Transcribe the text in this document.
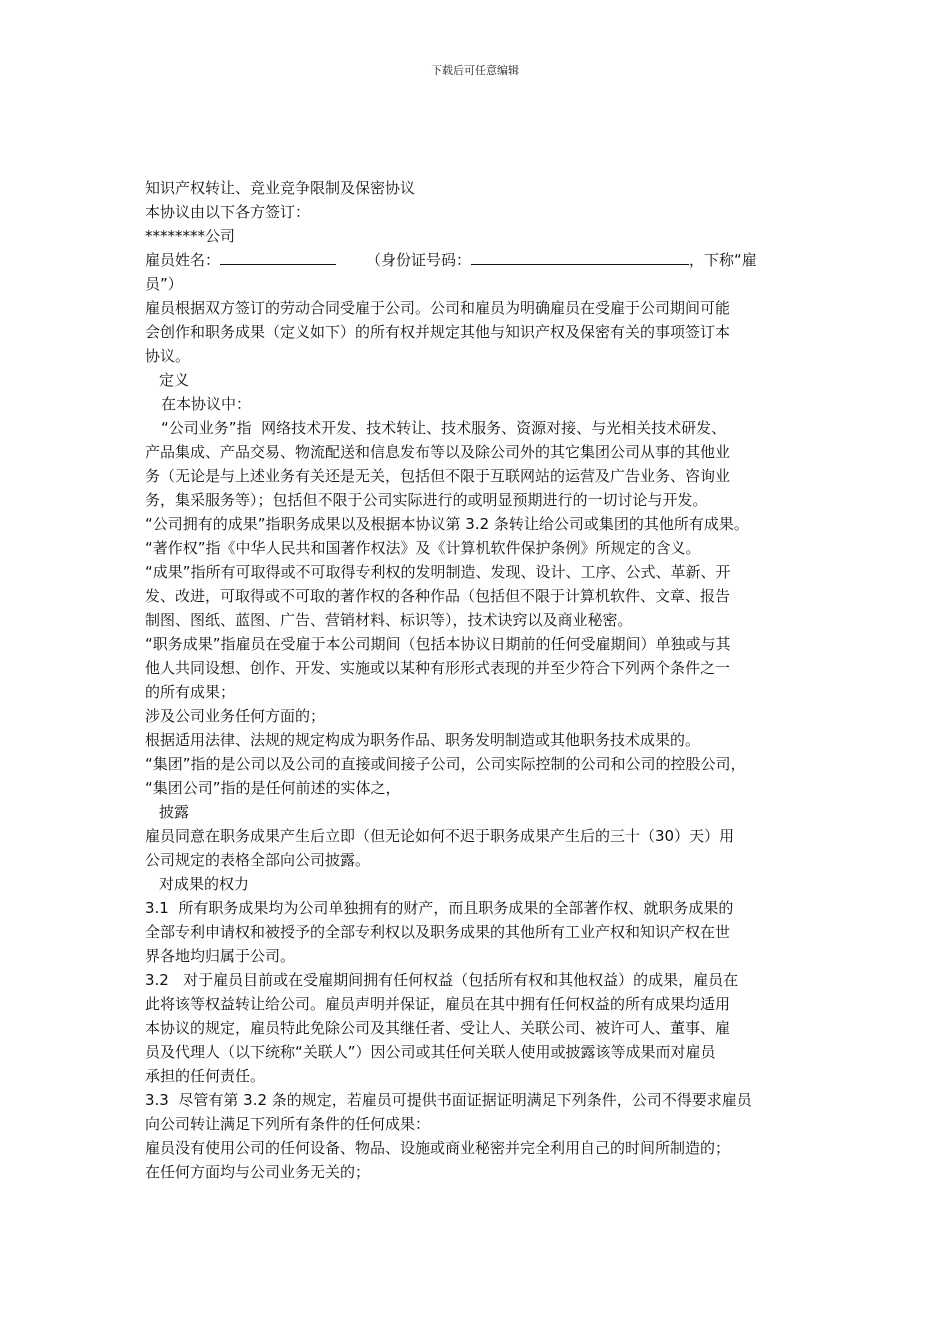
下载后可任意编辑
知识产权转让、竞业竞争限制及保密协议
本协议由以下各方签订：
********公司
雇员姓名：	（身份证号码：	，下称“雇
员”）
雇员根据双方签订的劳动合同受雇于公司。公司和雇员为明确雇员在受雇于公司期间可能
会创作和职务成果（定义如下）的所有权并规定其他与知识产权及保密有关的事项签订本
协议。
定义
在本协议中：
“公司业务”指  网络技术开发、技术转让、技术服务、资源对接、与光相关技术研发、
产品集成、产品交易、物流配送和信息发布等以及除公司外的其它集团公司从事的其他业
务（无论是与上述业务有关还是无关，包括但不限于互联网站的运营及广告业务、咨询业
务，集采服务等）；包括但不限于公司实际进行的或明显预期进行的一切讨论与开发。
“公司拥有的成果”指职务成果以及根据本协议第 3.2 条转让给公司或集团的其他所有成果。
“著作权”指《中华人民共和国著作权法》及《计算机软件保护条例》所规定的含义。
“成果”指所有可取得或不可取得专利权的发明制造、发现、设计、工序、公式、革新、开
发、改进，可取得或不可取的著作权的各种作品（包括但不限于计算机软件、文章、报告
制图、图纸、蓝图、广告、营销材料、标识等），技术诀窍以及商业秘密。
“职务成果”指雇员在受雇于本公司期间（包括本协议日期前的任何受雇期间）单独或与其
他人共同设想、创作、开发、实施或以某种有形形式表现的并至少符合下列两个条件之一
的所有成果；
涉及公司业务任何方面的；
根据适用法律、法规的规定构成为职务作品、职务发明制造或其他职务技术成果的。
“集团”指的是公司以及公司的直接或间接子公司，公司实际控制的公司和公司的控股公司，
“集团公司”指的是任何前述的实体之，
披露
雇员同意在职务成果产生后立即（但无论如何不迟于职务成果产生后的三十（30）天）用
公司规定的表格全部向公司披露。
对成果的权力
3.1  所有职务成果均为公司单独拥有的财产，而且职务成果的全部著作权、就职务成果的
全部专利申请权和被授予的全部专利权以及职务成果的其他所有工业产权和知识产权在世
界各地均归属于公司。
3.2   对于雇员目前或在受雇期间拥有任何权益（包括所有权和其他权益）的成果，雇员在
此将该等权益转让给公司。雇员声明并保证，雇员在其中拥有任何权益的所有成果均适用
本协议的规定，雇员特此免除公司及其继任者、受让人、关联公司、被许可人、董事、雇
员及代理人（以下统称“关联人”）因公司或其任何关联人使用或披露该等成果而对雇员
承担的任何责任。
3.3  尽管有第 3.2 条的规定，若雇员可提供书面证据证明满足下列条件，公司不得要求雇员
向公司转让满足下列所有条件的任何成果：
雇员没有使用公司的任何设备、物品、设施或商业秘密并完全利用自己的时间所制造的；
在任何方面均与公司业务无关的；
